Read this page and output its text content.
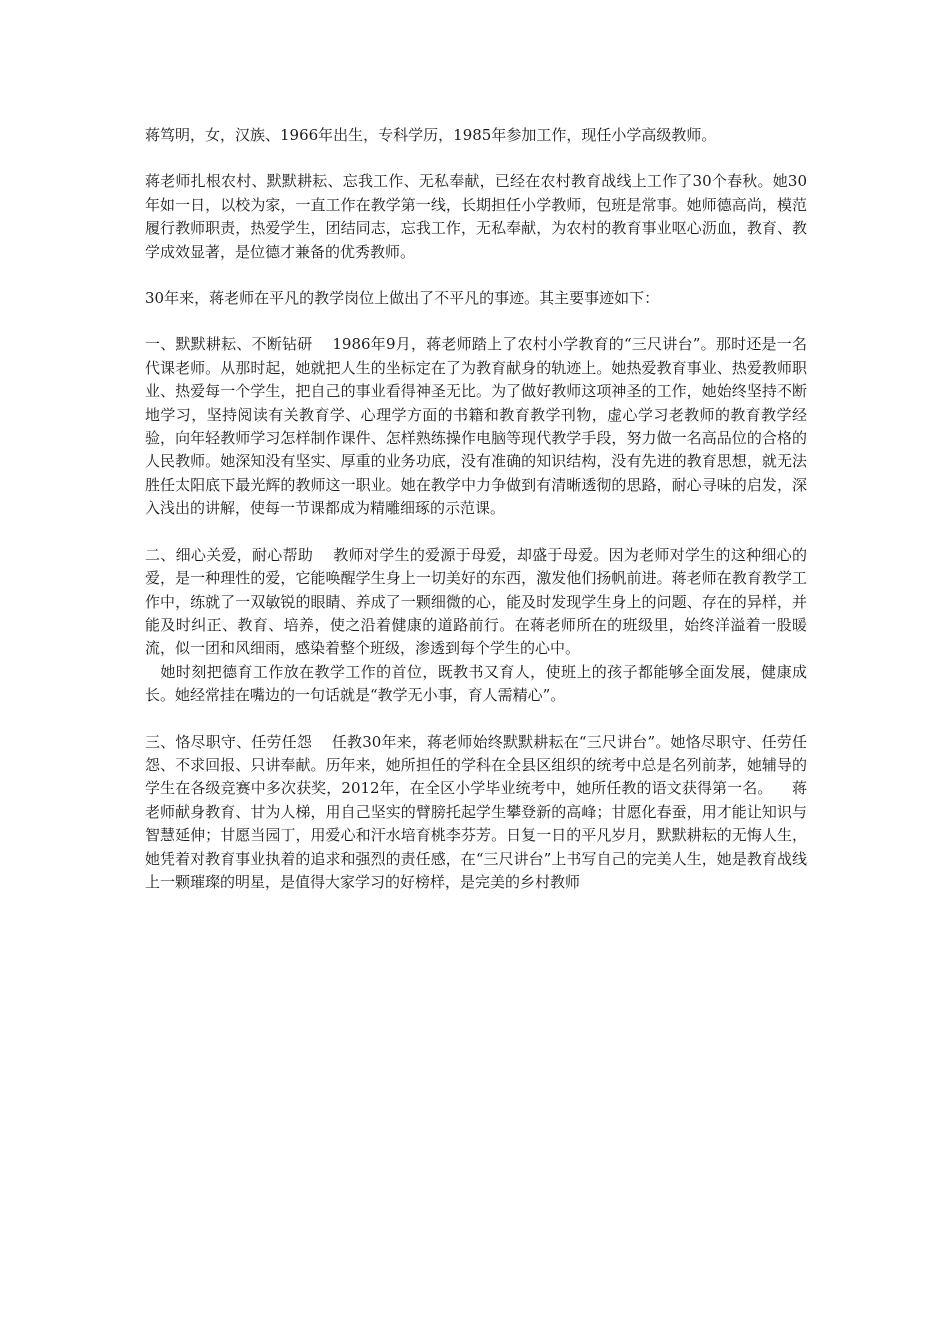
蒋笃明，女，汉族、1966年出生，专科学历，1985年参加工作，现任小学高级教师。

蒋老师扎根农村、默默耕耘、忘我工作、无私奉献，已经在农村教育战线上工作了30个春秋。她30年如一日，以校为家，一直工作在教学第一线，长期担任小学教师，包班是常事。她师德高尚，模范履行教师职责，热爱学生，团结同志，忘我工作，无私奉献，为农村的教育事业呕心沥血，教育、教学成效显著，是位德才兼备的优秀教师。

30年来，蒋老师在平凡的教学岗位上做出了不平凡的事迹。其主要事迹如下：

一、默默耕耘、不断钻研    1986年9月，蒋老师踏上了农村小学教育的“三尺讲台”。那时还是一名代课老师。从那时起，她就把人生的坐标定在了为教育献身的轨迹上。她热爱教育事业、热爱教师职业、热爱每一个学生，把自己的事业看得神圣无比。为了做好教师这项神圣的工作，她始终坚持不断地学习，坚持阅读有关教育学、心理学方面的书籍和教育教学刊物，虚心学习老教师的教育教学经验，向年轻教师学习怎样制作课件、怎样熟练操作电脑等现代教学手段，努力做一名高品位的合格的人民教师。她深知没有坚实、厚重的业务功底，没有准确的知识结构，没有先进的教育思想，就无法胜任太阳底下最光辉的教师这一职业。她在教学中力争做到有清晰透彻的思路，耐心寻味的启发，深入浅出的讲解，使每一节课都成为精雕细琢的示范课。

二、细心关爱，耐心帮助    教师对学生的爱源于母爱，却盛于母爱。因为老师对学生的这种细心的爱，是一种理性的爱，它能唤醒学生身上一切美好的东西，激发他们扬帆前进。蒋老师在教育教学工作中，练就了一双敏锐的眼睛、养成了一颗细微的心，能及时发现学生身上的问题、存在的异样，并能及时纠正、教育、培养，使之沿着健康的道路前行。在蒋老师所在的班级里，始终洋溢着一股暖流，似一团和风细雨，感染着整个班级，渗透到每个学生的心中。
她时刻把德育工作放在教学工作的首位，既教书又育人，使班上的孩子都能够全面发展，健康成长。她经常挂在嘴边的一句话就是“教学无小事，育人需精心”。

三、恪尽职守、任劳任怨    任教30年来，蒋老师始终默默耕耘在“三尺讲台”。她恪尽职守、任劳任怨、不求回报、只讲奉献。历年来，她所担任的学科在全县区组织的统考中总是名列前茅，她辅导的学生在各级竞赛中多次获奖，2012年，在全区小学毕业统考中，她所任教的语文获得第一名。    蒋老师献身教育、甘为人梯，用自己坚实的臂膀托起学生攀登新的高峰；甘愿化春蚕，用才能让知识与智慧延伸；甘愿当园丁，用爱心和汗水培育桃李芬芳。日复一日的平凡岁月，默默耕耘的无悔人生，她凭着对教育事业执着的追求和强烈的责任感，在“三尺讲台”上书写自己的完美人生，她是教育战线上一颗璀璨的明星，是值得大家学习的好榜样，是完美的乡村教师
